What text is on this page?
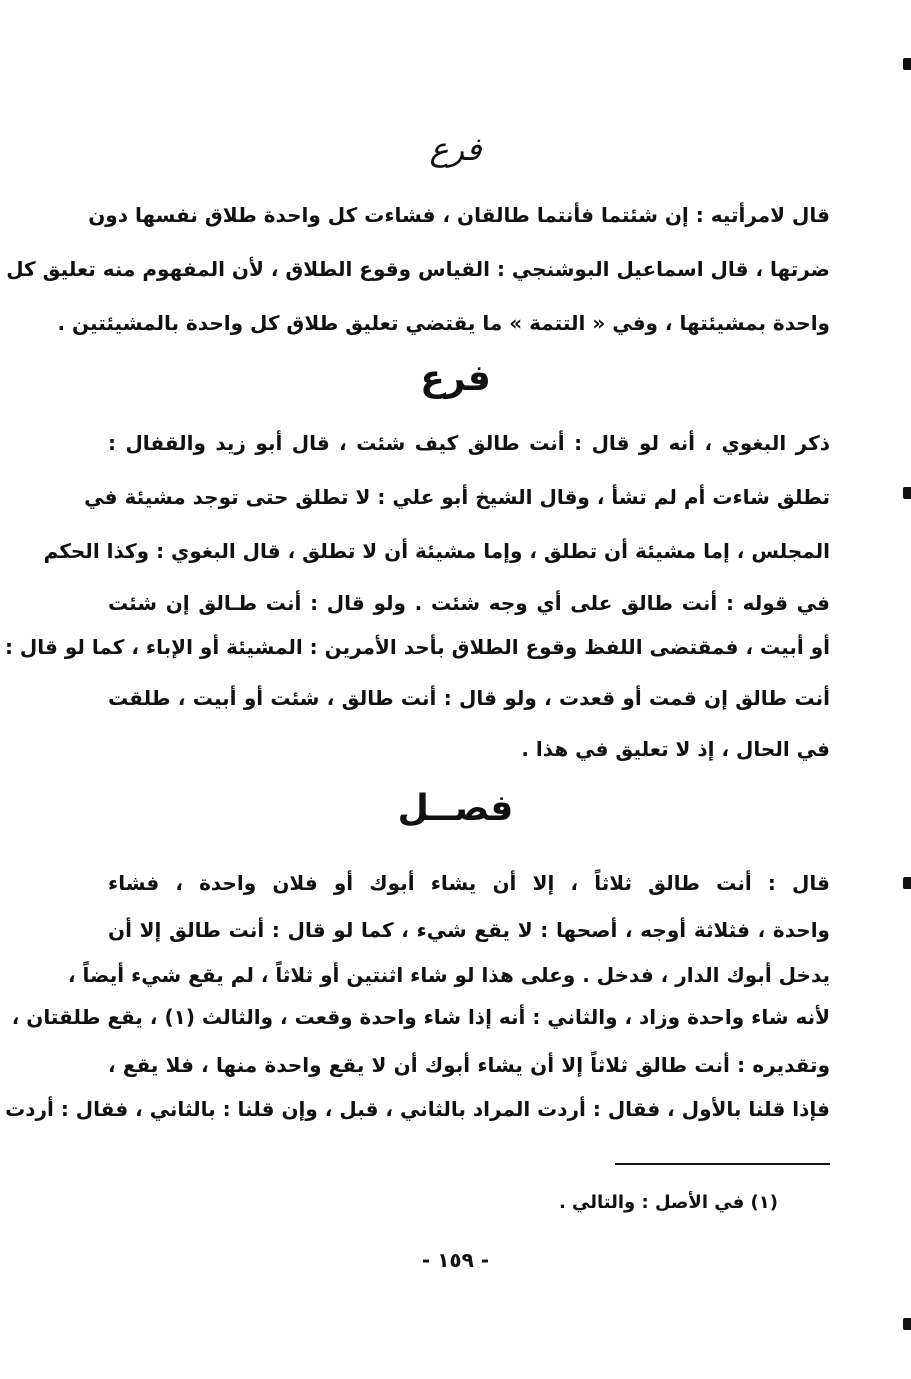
فرع
قال لامرأتيه : إن شئتما فأنتما طالقان ، فشاءت كل واحدة طلاق نفسها دون
ضرتها ، قال اسماعيل البوشنجي : القياس وقوع الطلاق ، لأن المفهوم منه تعليق كل
واحدة بمشيئتها ، وفي « التتمة » ما يقتضي تعليق طلاق كل واحدة بالمشيئتين .
فرع
ذكر البغوي ، أنه لو قال : أنت طالق كيف شئت ، قال أبو زيد والقفال :
تطلق شاءت أم لم تشأ ، وقال الشيخ أبو علي : لا تطلق حتى توجد مشيئة في
المجلس ، إما مشيئة أن تطلق ، وإما مشيئة أن لا تطلق ، قال البغوي : وكذا الحكم
في قوله : أنت طالق على أي وجه شئت . ولو قال : أنت طـالق إن شئت
أو أبيت ، فمقتضى اللفظ وقوع الطلاق بأحد الأمرين : المشيئة أو الإباء ، كما لو قال :
أنت طالق إن قمت أو قعدت ، ولو قال : أنت طالق ، شئت أو أبيت ، طلقت
في الحال ، إذ لا تعليق في هذا .
فصــل
قال : أنت طالق ثلاثاً ، إلا أن يشاء أبوك أو فلان واحدة ، فشاء
واحدة ، فثلاثة أوجه ، أصحها : لا يقع شيء ، كما لو قال : أنت طالق إلا أن
يدخل أبوك الدار ، فدخل . وعلى هذا لو شاء اثنتين أو ثلاثاً ، لم يقع شيء أيضاً ،
لأنه شاء واحدة وزاد ، والثاني : أنه إذا شاء واحدة وقعت ، والثالث (١) ، يقع طلقتان ،
وتقديره : أنت طالق ثلاثاً إلا أن يشاء أبوك أن لا يقع واحدة منها ، فلا يقع ،
فإذا قلنا بالأول ، فقال : أردت المراد بالثاني ، قبل ، وإن قلنا : بالثاني ، فقال : أردت
(١) في الأصل : والتالي .
- ١٥٩ -
